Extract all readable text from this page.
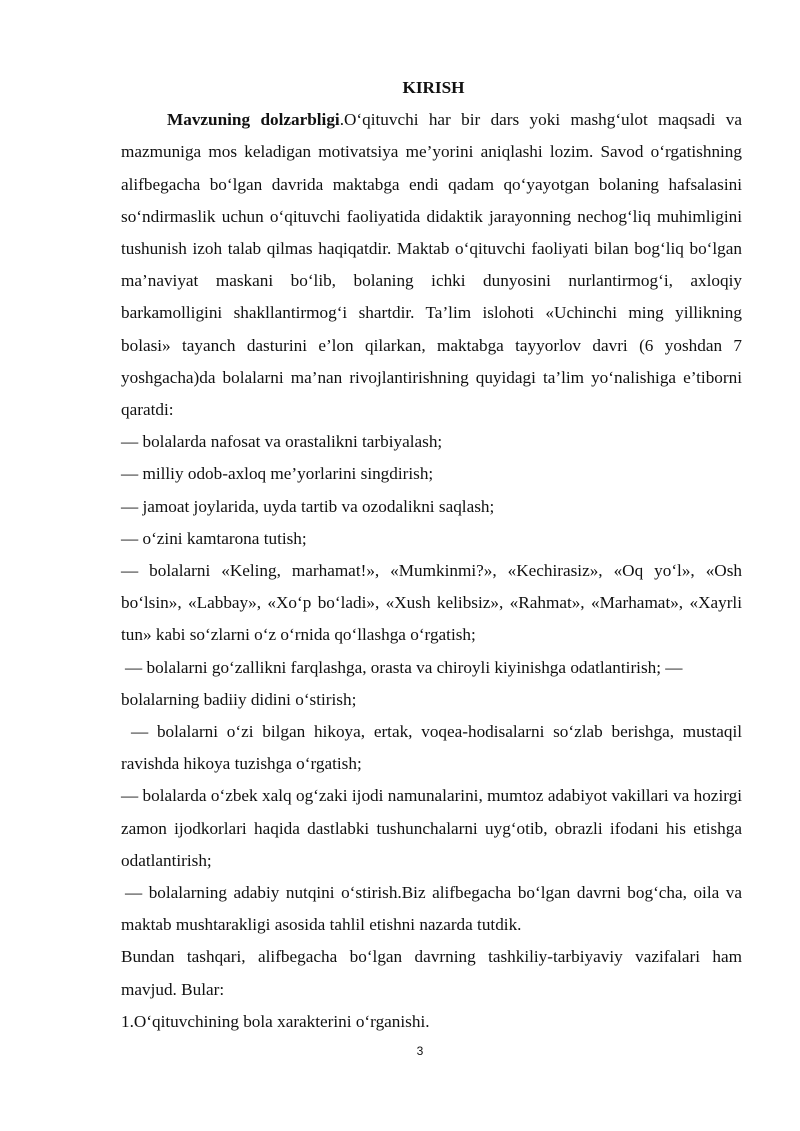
KIRISH

Mavzuning dolzarbligi.O‘qituvchi har bir dars yoki mashg‘ulot maqsadi va mazmuniga mos keladigan motivatsiya me’yorini aniqlashi lozim. Savod o‘rgatishning alifbegacha bo‘lgan davrida maktabga endi qadam qo‘yayotgan bolaning hafsalasini so‘ndirmaslik uchun o‘qituvchi faoliyatida didaktik jarayonning nechog‘liq muhimligini tushunish izoh talab qilmas haqiqatdir. Maktab o‘qituvchi faoliyati bilan bog‘liq bo‘lgan ma’naviyat maskani bo‘lib, bolaning ichki dunyosini nurlantirmog‘i, axloqiy barkamolligini shakllantirmog‘i shartdir. Ta’lim islohoti «Uchinchi ming yillikning bolasi» tayanch dasturini e’lon qilarkan, maktabga tayyorlov davri (6 yoshdan 7 yoshgacha)da bolalarni ma’nan rivojlantirishning quyidagi ta’lim yo‘nalishiga e’tiborni qaratdi:

— bolalarda nafosat va orastalikni tarbiyalash;

— milliy odob-axloq me’yorlarini singdirish;

— jamoat joylarida, uyda tartib va ozodalikni saqlash;

— o‘zini kamtarona tutish;

— bolalarni «Keling, marhamat!», «Mumkinmi?», «Kechirasiz», «Oq yo‘l», «Osh bo‘lsin», «Labbay», «Xo‘p bo‘ladi», «Xush kelibsiz», «Rahmat», «Marhamat», «Xayrli tun» kabi so‘zlarni o‘z o‘rnida qo‘llashga o‘rgatish;

— bolalarni go‘zallikni farqlashga, orasta va chiroyli kiyinishga odatlantirish; — bolalarning badiiy didini o‘stirish;

— bolalarni o‘zi bilgan hikoya, ertak, voqea-hodisalarni so‘zlab berishga, mustaqil ravishda hikoya tuzishga o‘rgatish;

— bolalarda o‘zbek xalq og‘zaki ijodi namunalarini, mumtoz adabiyot vakillari va hozirgi zamon ijodkorlari haqida dastlabki tushunchalarni uyg‘otib, obrazli ifodani his etishga odatlantirish;

— bolalarning adabiy nutqini o‘stirish.Biz alifbegacha bo‘lgan davrni bog‘cha, oila va maktab mushtarakligi asosida tahlil etishni nazarda tutdik.

Bundan tashqari, alifbegacha bo‘lgan davrning tashkiliy-tarbiyaviy vazifalari ham mavjud. Bular:

1.O‘qituvchining bola xarakterini o‘rganishi.

3
